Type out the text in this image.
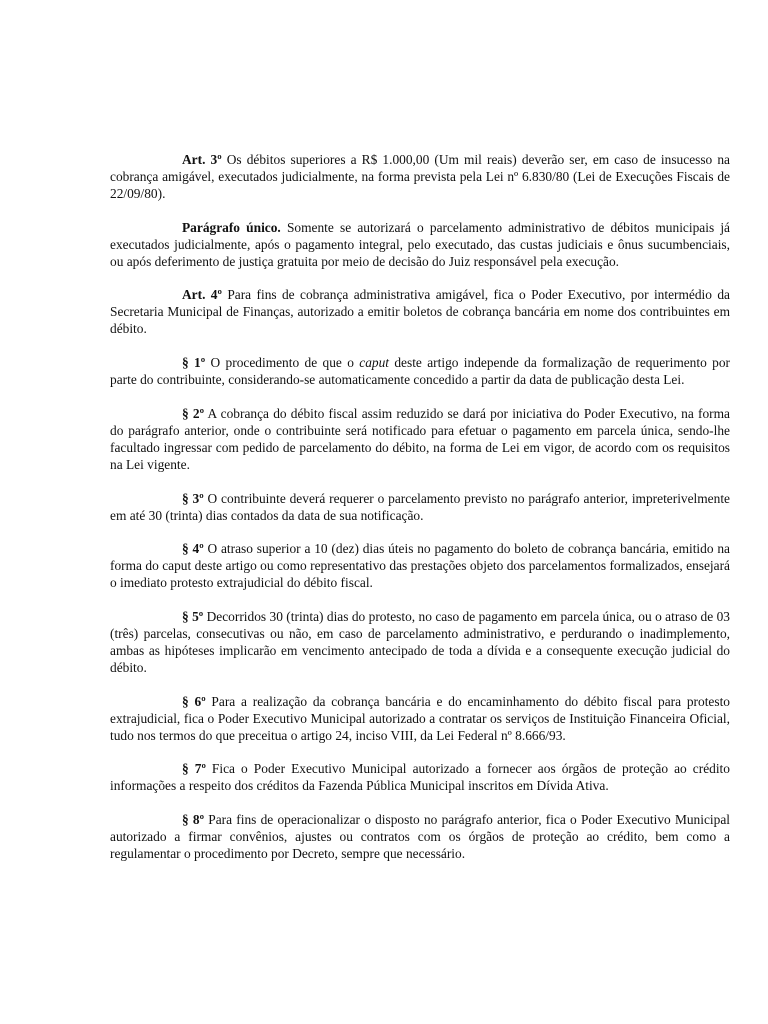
Art. 3º Os débitos superiores a R$ 1.000,00 (Um mil reais) deverão ser, em caso de insucesso na cobrança amigável, executados judicialmente, na forma prevista pela Lei nº 6.830/80 (Lei de Execuções Fiscais de 22/09/80).

Parágrafo único. Somente se autorizará o parcelamento administrativo de débitos municipais já executados judicialmente, após o pagamento integral, pelo executado, das custas judiciais e ônus sucumbenciais, ou após deferimento de justiça gratuita por meio de decisão do Juiz responsável pela execução.

Art. 4º Para fins de cobrança administrativa amigável, fica o Poder Executivo, por intermédio da Secretaria Municipal de Finanças, autorizado a emitir boletos de cobrança bancária em nome dos contribuintes em débito.

§ 1º O procedimento de que o caput deste artigo independe da formalização de requerimento por parte do contribuinte, considerando-se automaticamente concedido a partir da data de publicação desta Lei.

§ 2º A cobrança do débito fiscal assim reduzido se dará por iniciativa do Poder Executivo, na forma do parágrafo anterior, onde o contribuinte será notificado para efetuar o pagamento em parcela única, sendo-lhe facultado ingressar com pedido de parcelamento do débito, na forma de Lei em vigor, de acordo com os requisitos na Lei vigente.

§ 3º O contribuinte deverá requerer o parcelamento previsto no parágrafo anterior, impreterivelmente em até 30 (trinta) dias contados da data de sua notificação.

§ 4º O atraso superior a 10 (dez) dias úteis no pagamento do boleto de cobrança bancária, emitido na forma do caput deste artigo ou como representativo das prestações objeto dos parcelamentos formalizados, ensejará o imediato protesto extrajudicial do débito fiscal.

§ 5º Decorridos 30 (trinta) dias do protesto, no caso de pagamento em parcela única, ou o atraso de 03 (três) parcelas, consecutivas ou não, em caso de parcelamento administrativo, e perdurando o inadimplemento, ambas as hipóteses implicarão em vencimento antecipado de toda a dívida e a consequente execução judicial do débito.

§ 6º Para a realização da cobrança bancária e do encaminhamento do débito fiscal para protesto extrajudicial, fica o Poder Executivo Municipal autorizado a contratar os serviços de Instituição Financeira Oficial, tudo nos termos do que preceitua o artigo 24, inciso VIII, da Lei Federal nº 8.666/93.

§ 7º Fica o Poder Executivo Municipal autorizado a fornecer aos órgãos de proteção ao crédito informações a respeito dos créditos da Fazenda Pública Municipal inscritos em Dívida Ativa.

§ 8º Para fins de operacionalizar o disposto no parágrafo anterior, fica o Poder Executivo Municipal autorizado a firmar convênios, ajustes ou contratos com os órgãos de proteção ao crédito, bem como a regulamentar o procedimento por Decreto, sempre que necessário.
